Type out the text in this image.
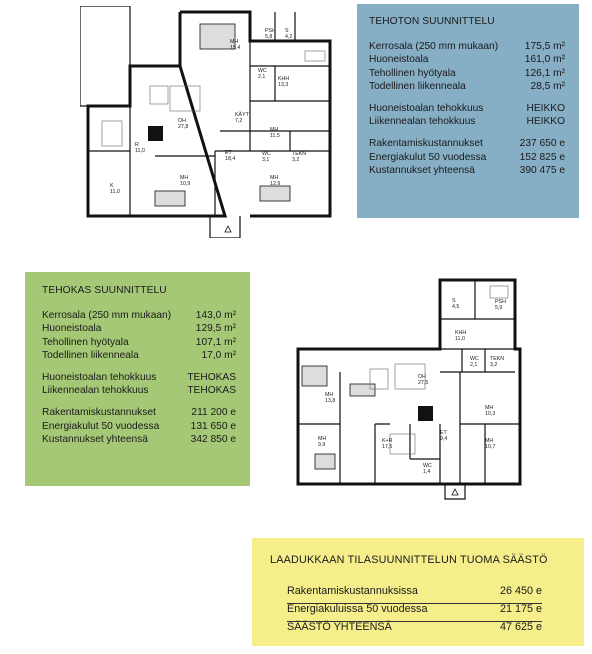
MH
15,4
PSH
5,8
S
4,2
WC
2,1 KHH
13,3
OH
27,8
KÄYT
7,2
MH
11,5
R
11,0	ET
18,4
WC
3,1
TEKN
3,2
K
11,0
MH
10,9
MH
12,9
TEHOTON SUUNNITTELU
Kerrosala (250 mm mukaan)	175,5 m²
Huoneistoala	161,0 m²
Tehollinen hyötyala	126,1 m²
Todellinen liikenneala	28,5 m²
Huoneistoalan tehokkuus	HEIKKO
Liikennealan tehokkuus	HEIKKO
Rakentamiskustannukset	237 650 e
Energiakulut 50 vuodessa	152 825 e
Kustannukset yhteensä	390 475 e
TEHOKAS SUUNNITTELU
Kerrosala (250 mm mukaan) 143,0 m²
Huoneistoala	129,5 m²
Tehollinen hyötyala	107,1 m²
Todellinen liikenneala	17,0 m²
Huoneistoalan tehokkuus	TEHOKAS
Liikennealan tehokkuus	TEHOKAS
Rakentamiskustannukset	211 200 e
Energiakulut 50 vuodessa	131 650 e
Kustannukset yhteensä	342 850 e
S
4,5
PSH
5,9
KHH
11,0
WC
2,1
TEKN
3,2
OH
27,5
MH
13,8
MH
10,3
MH
9,9
K+R
17,5
ET
9,4
WC
1,4
MH
10,7
LAADUKKAAN TILASUUNNITTELUN TUOMA SÄÄSTÖ
Rakentamiskustannuksissa	26 450 e
Energiakuluissa 50 vuodessa	21 175 e
SÄÄSTÖ YHTEENSÄ	47 625 e
